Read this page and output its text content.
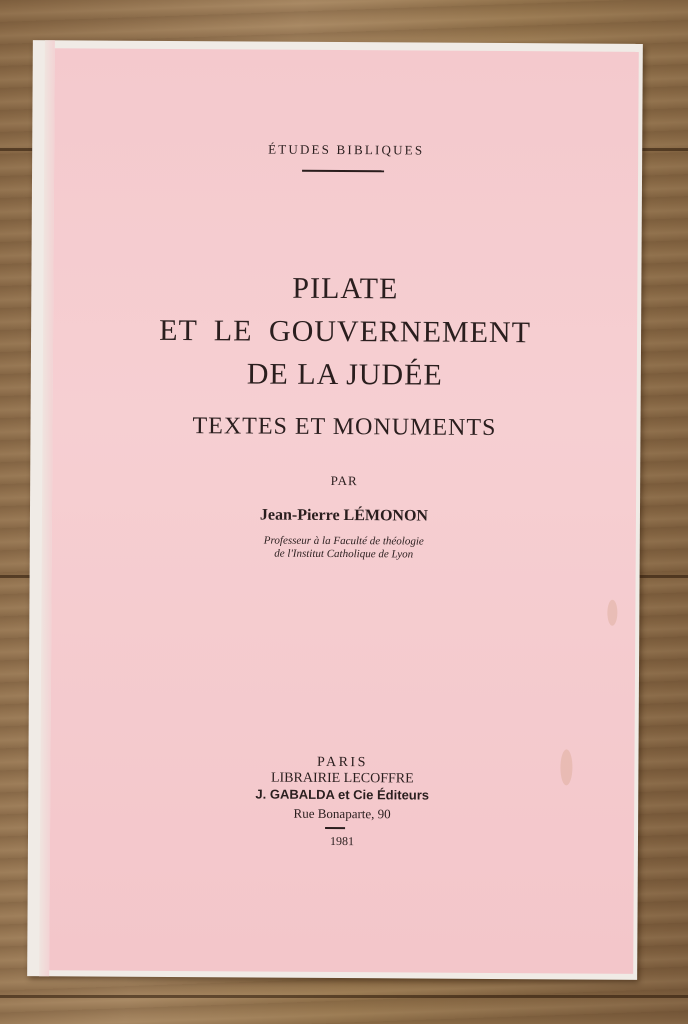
ÉTUDES BIBLIQUES
PILATE
ET LE GOUVERNEMENT
DE LA JUDÉE
TEXTES ET MONUMENTS
PAR
Jean-Pierre LÉMONON
Professeur à la Faculté de théologie
de l'Institut Catholique de Lyon
PARIS
LIBRAIRIE LECOFFRE
J. GABALDA et Cie Éditeurs
Rue Bonaparte, 90
1981
